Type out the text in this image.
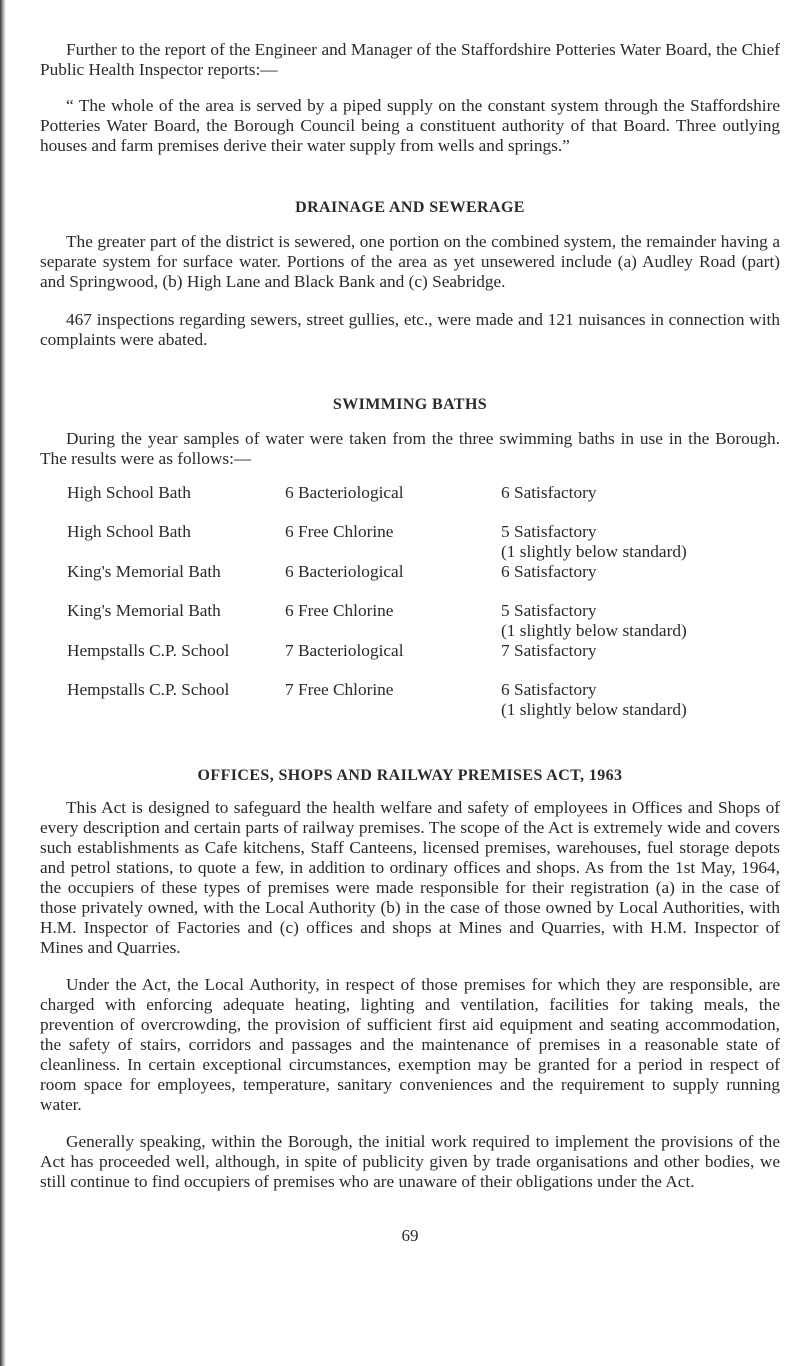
Further to the report of the Engineer and Manager of the Staffordshire Potteries Water Board, the Chief Public Health Inspector reports:—

“ The whole of the area is served by a piped supply on the constant system through the Staffordshire Potteries Water Board, the Borough Council being a constituent authority of that Board. Three outlying houses and farm premises derive their water supply from wells and springs.”

DRAINAGE AND SEWERAGE

The greater part of the district is sewered, one portion on the combined system, the remainder having a separate system for surface water. Portions of the area as yet unsewered include (a) Audley Road (part) and Springwood, (b) High Lane and Black Bank and (c) Seabridge.

467 inspections regarding sewers, street gullies, etc., were made and 121 nuisances in connection with complaints were abated.

SWIMMING BATHS

During the year samples of water were taken from the three swimming baths in use in the Borough. The results were as follows:—

High School Bath	6 Bacteriological	6 Satisfactory
High School Bath	6 Free Chlorine	5 Satisfactory
(1 slightly below standard)

King's Memorial Bath	6 Bacteriological	6 Satisfactory
King's Memorial Bath	6 Free Chlorine	5 Satisfactory
(1 slightly below standard)

Hempstalls C.P. School	7 Bacteriological	7 Satisfactory
Hempstalls C.P. School	7 Free Chlorine	6 Satisfactory
(1 slightly below standard)
OFFICES, SHOPS AND RAILWAY PREMISES ACT, 1963

This Act is designed to safeguard the health welfare and safety of employees in Offices and Shops of every description and certain parts of railway premises. The scope of the Act is extremely wide and covers such establishments as Cafe kitchens, Staff Canteens, licensed premises, warehouses, fuel storage depots and petrol stations, to quote a few, in addition to ordinary offices and shops. As from the 1st May, 1964, the occupiers of these types of premises were made responsible for their registration (a) in the case of those privately owned, with the Local Authority (b) in the case of those owned by Local Authorities, with H.M. Inspector of Factories and (c) offices and shops at Mines and Quarries, with H.M. Inspector of Mines and Quarries.

Under the Act, the Local Authority, in respect of those premises for which they are responsible, are charged with enforcing adequate heating, lighting and ventilation, facilities for taking meals, the prevention of overcrowding, the provision of sufficient first aid equipment and seating accommodation, the safety of stairs, corridors and passages and the maintenance of premises in a reasonable state of cleanliness. In certain exceptional circumstances, exemption may be granted for a period in respect of room space for employees, temperature, sanitary conveniences and the requirement to supply running water.

Generally speaking, within the Borough, the initial work required to implement the provisions of the Act has proceeded well, although, in spite of publicity given by trade organisations and other bodies, we still continue to find occupiers of premises who are unaware of their obligations under the Act.

69
